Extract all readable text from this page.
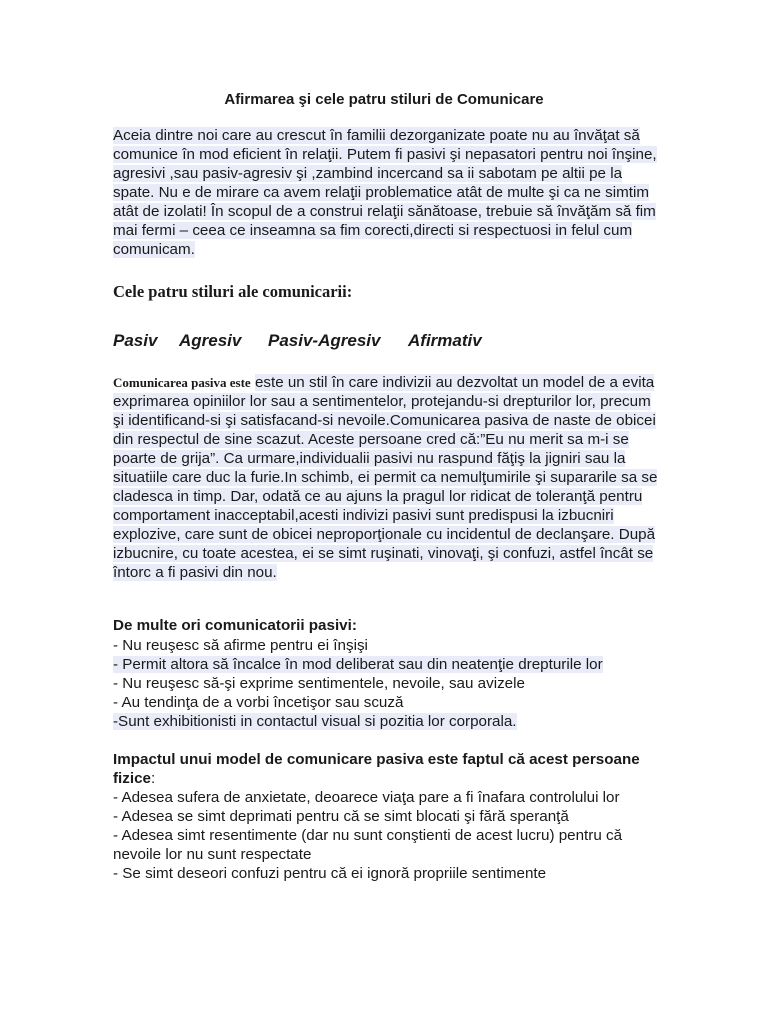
Afirmarea şi cele patru stiluri de Comunicare

Aceia dintre noi care au crescut în familii dezorganizate poate nu au învăţat să comunice în mod eficient în relaţii. Putem fi pasivi şi nepasatori pentru noi înşine, agresivi ,sau pasiv-agresiv şi ,zambind incercand sa ii sabotam pe altii pe la spate. Nu e de mirare ca avem relaţii problematice atât de multe şi ca ne simtim atât de izolati! În scopul de a construi relaţii sănătoase, trebuie să învăţăm să fim mai fermi – ceea ce inseamna sa fim corecti,directi si respectuosi in felul cum comunicam.

Cele patru stiluri ale comunicarii:
Pasiv	Agresiv	Pasiv-Agresiv	Afirmativ

Comunicarea pasiva este este un stil în care indivizii au dezvoltat un model de a evita exprimarea opiniilor lor sau a sentimentelor, protejandu-si drepturilor lor, precum şi identificand-si şi satisfacand-si nevoile.Comunicarea pasiva de naste de obicei din respectul de sine scazut. Aceste persoane cred că:”Eu nu merit sa m-i se poarte de grija”. Ca urmare,individualii pasivi nu raspund făţiş la jigniri sau la situatiile care duc la furie.In schimb, ei permit ca nemulţumirile şi supararile sa se cladesca in timp. Dar, odată ce au ajuns la pragul lor ridicat de toleranţă pentru comportament inacceptabil,acesti indivizi pasivi sunt predispusi la izbucniri explozive, care sunt de obicei neproporţionale cu incidentul de declanşare. După izbucnire, cu toate acestea, ei se simt ruşinati, vinovaţi, şi confuzi, astfel încât se întorc a fi pasivi din nou.

De multe ori comunicatorii pasivi:
- Nu reuşesc să afirme pentru ei înşişi
- Permit altora să încalce în mod deliberat sau din neatenţie drepturile lor
- Nu reuşesc să-şi exprime sentimentele, nevoile, sau avizele
- Au tendinţa de a vorbi încetişor sau scuză
-Sunt exhibitionisti in contactul visual si pozitia lor corporala.

Impactul unui model de comunicare pasiva este faptul că acest persoane fizice:

- Adesea sufera de anxietate, deoarece viaţa pare a fi înafara controlului lor
- Adesea se simt deprimati pentru că se simt blocati şi fără speranţă
- Adesea simt resentimente (dar nu sunt conştienti de acest lucru) pentru că nevoile lor nu sunt respectate
- Se simt deseori confuzi pentru că ei ignoră propriile sentimente
